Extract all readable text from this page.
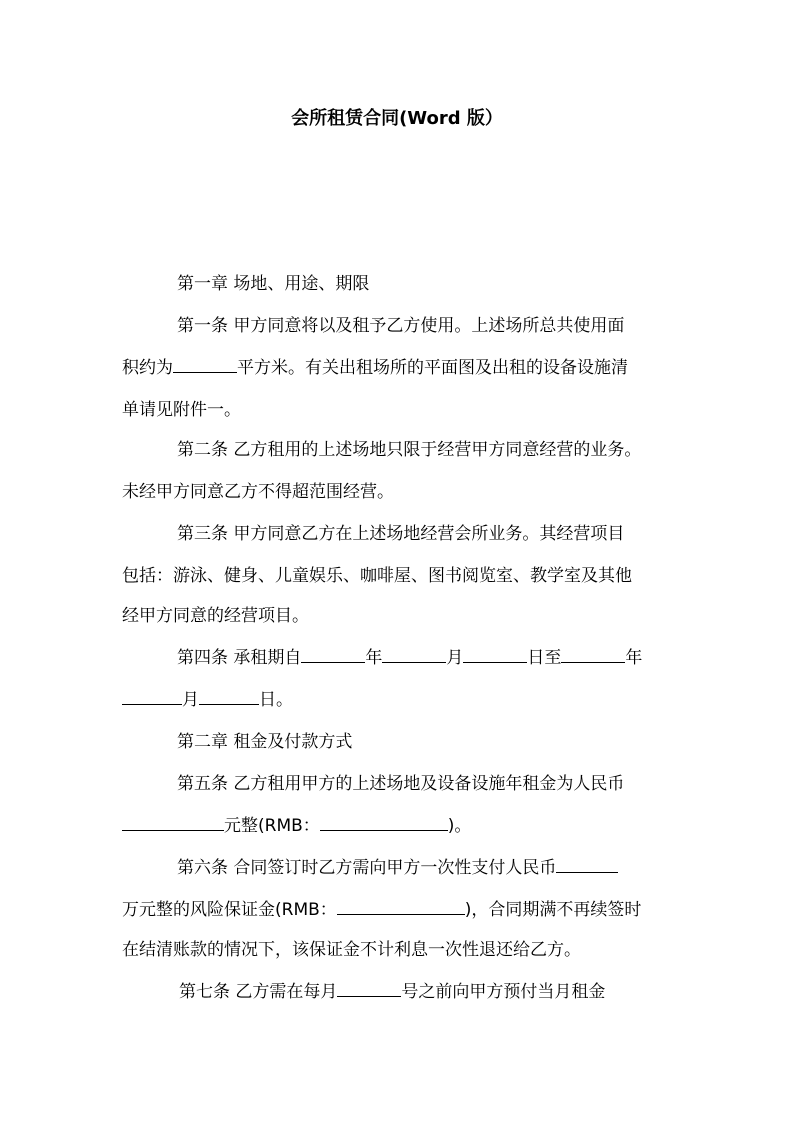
会所租赁合同(Word 版）
第一章 场地、用途、期限
第一条 甲方同意将以及租予乙方使用。上述场所总共使用面
积约为	平方米。有关出租场所的平面图及出租的设备设施清
单请见附件一。
第二条 乙方租用的上述场地只限于经营甲方同意经营的业务。
未经甲方同意乙方不得超范围经营。
第三条 甲方同意乙方在上述场地经营会所业务。其经营项目
包括：游泳、健身、儿童娱乐、咖啡屋、图书阅览室、教学室及其他
经甲方同意的经营项目。
第四条 承租期自	年	月	日至	年
月	日。
第二章 租金及付款方式
第五条 乙方租用甲方的上述场地及设备设施年租金为人民币
元整(RMB：	)。
第六条 合同签订时乙方需向甲方一次性支付人民币
万元整的风险保证金(RMB：	)，合同期满不再续签时
在结清账款的情况下，该保证金不计利息一次性退还给乙方。
第七条 乙方需在每月	号之前向甲方预付当月租金
